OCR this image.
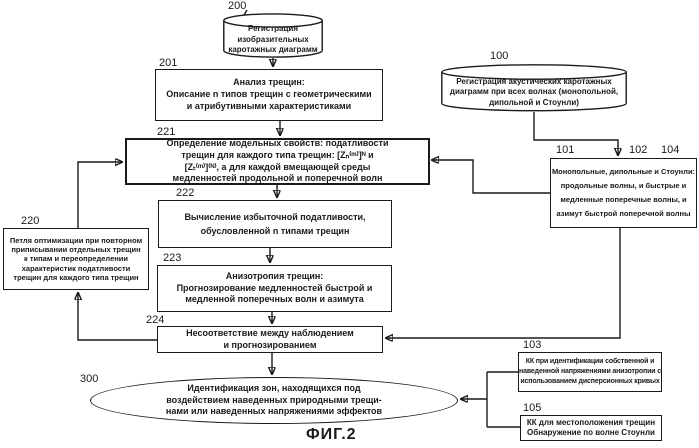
Регистрация
изобразительных
каротажных диаграмм
Регистрация акустических каротажных
диаграмм при всех волнах (монопольной,
дипольной и Стоунли)
Анализ трещин:
Описание n типов трещин с геометрическими
и атрибутивными характеристиками
Определение модельных свойств: податливости
трещин для каждого типа трещин: [Zₙ⁽ᵐ⁾]ᴺ и
[Zₜ⁽ᵐ⁾]⁽ᴺ⁾, а для каждой вмещающей среды
медленностей продольной и поперечной волн
Вычисление избыточной податливости,
обусловленной n типами трещин
Анизотропия трещин:
Прогнозирование медленностей быстрой и
медленной поперечных волн и азимута
Несоответствие между наблюдением
и прогнозированием
Петля оптимизации при повторном
приписывании отдельных трещин
к типам и переопределении
характеристик податливости
трещин для каждого типа трещин
Монопольные, дипольные и Стоунли:
продольные волны, и быстрые и
медленные поперечные волны, и
азимут быстрой поперечной волны
КК при идентификации собственной и
наведенной напряжениями анизотропии с
использованием дисперсионных кривых
КК для местоположения трещин
Обнаружение по волне Стоунли
Идентификация зон, находящихся под
воздействием наведенных природными трещи-
нами или наведенных напряжениями эффектов
200
201
221
222
223
224
220
100
101	102 104
103
105
300
ФИГ.2
